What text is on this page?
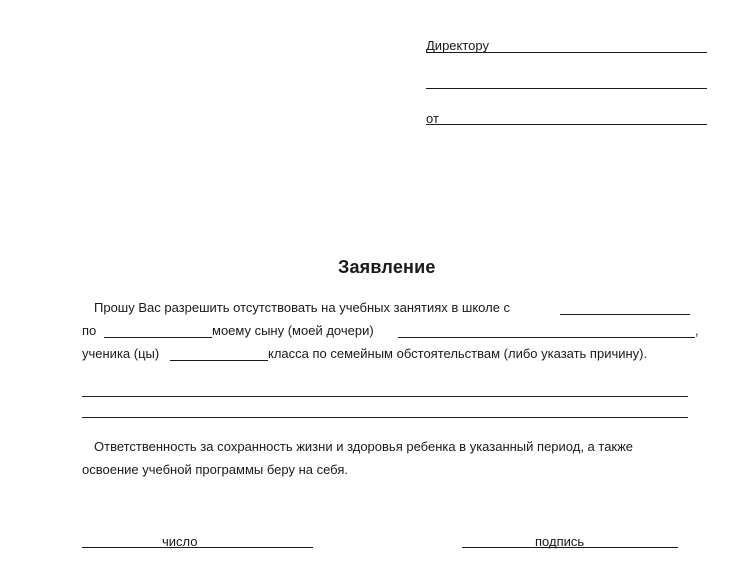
Директору
от
Заявление
Прошу Вас разрешить отсутствовать на учебных занятиях в школе с
по	моему сыну (моей дочери)	,
ученика (цы)	класса по семейным обстоятельствам (либо указать причину).
Ответственность за сохранность жизни и здоровья ребенка в указанный период, а также
освоение учебной программы беру на себя.
число	подпись
